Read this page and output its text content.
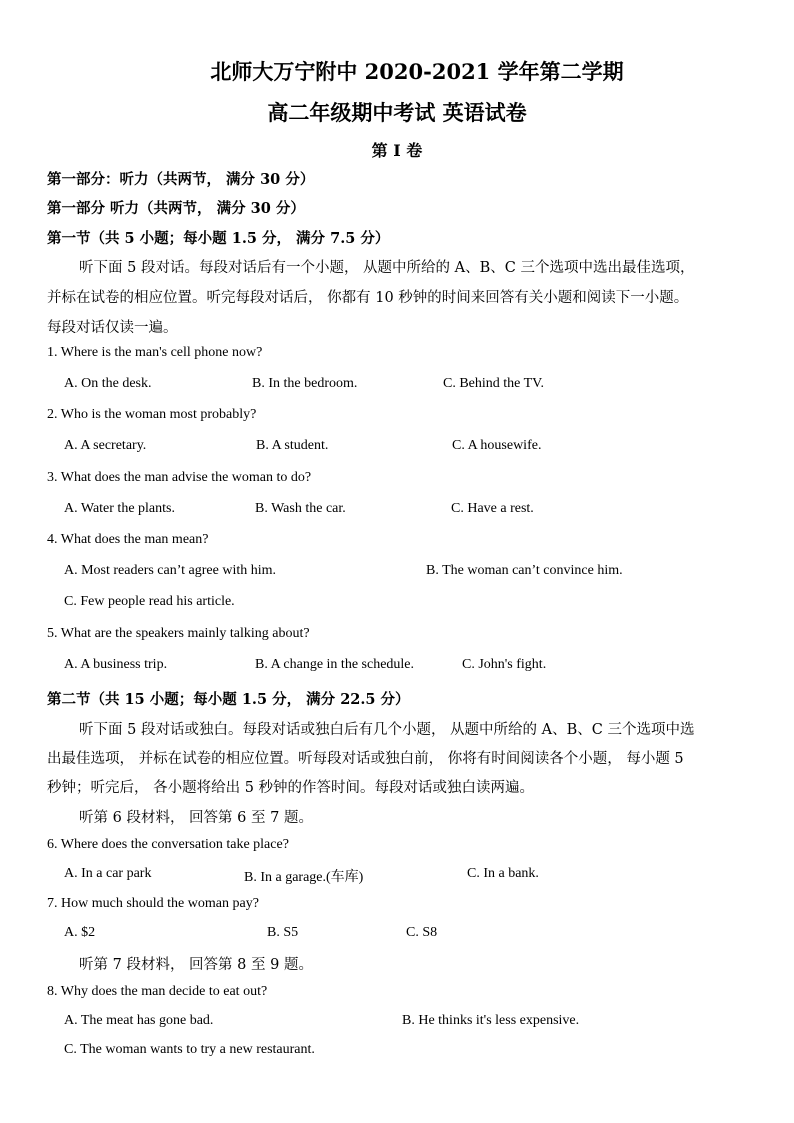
北师大万宁附中 2020-2021 学年第二学期
高二年级期中考试 英语试卷
第 I 卷
第一部分：听力（共两节， 满分 30 分）
第一部分 听力（共两节， 满分 30 分）
第一节（共 5 小题；每小题 1.5 分， 满分 7.5 分）
听下面 5 段对话。每段对话后有一个小题， 从题中所给的 A、B、C 三个选项中选出最佳选项，
并标在试卷的相应位置。听完每段对话后， 你都有 10 秒钟的时间来回答有关小题和阅读下一小题。
每段对话仅读一遍。
1. Where is the man's cell phone now?
A. On the desk.	B. In the bedroom.	C. Behind the TV.
2. Who is the woman most probably?
A. A secretary.	B. A student.	C. A housewife.
3. What does the man advise the woman to do?
A. Water the plants.	B. Wash the car.	C. Have a rest.
4. What does the man mean?
A. Most readers can’t agree with him.	B. The woman can’t convince him.
C. Few people read his article.
5. What are the speakers mainly talking about?
A. A business trip.	B. A change in the schedule.	C. John's fight.
第二节（共 15 小题；每小题 1.5 分， 满分 22.5 分）
听下面 5 段对话或独白。每段对话或独白后有几个小题， 从题中所给的 A、B、C 三个选项中选
出最佳选项， 并标在试卷的相应位置。听每段对话或独白前， 你将有时间阅读各个小题， 每小题 5
秒钟；听完后， 各小题将给出 5 秒钟的作答时间。每段对话或独白读两遍。
听第 6 段材料， 回答第 6 至 7 题。
6. Where does the conversation take place?
A. In a car park	B. In a garage.(车库)	C. In a bank.
7. How much should the woman pay?
A. $2	B. S5	C. S8
听第 7 段材料， 回答第 8 至 9 题。
8. Why does the man decide to eat out?
A. The meat has gone bad.	B. He thinks it's less expensive.
C. The woman wants to try a new restaurant.
